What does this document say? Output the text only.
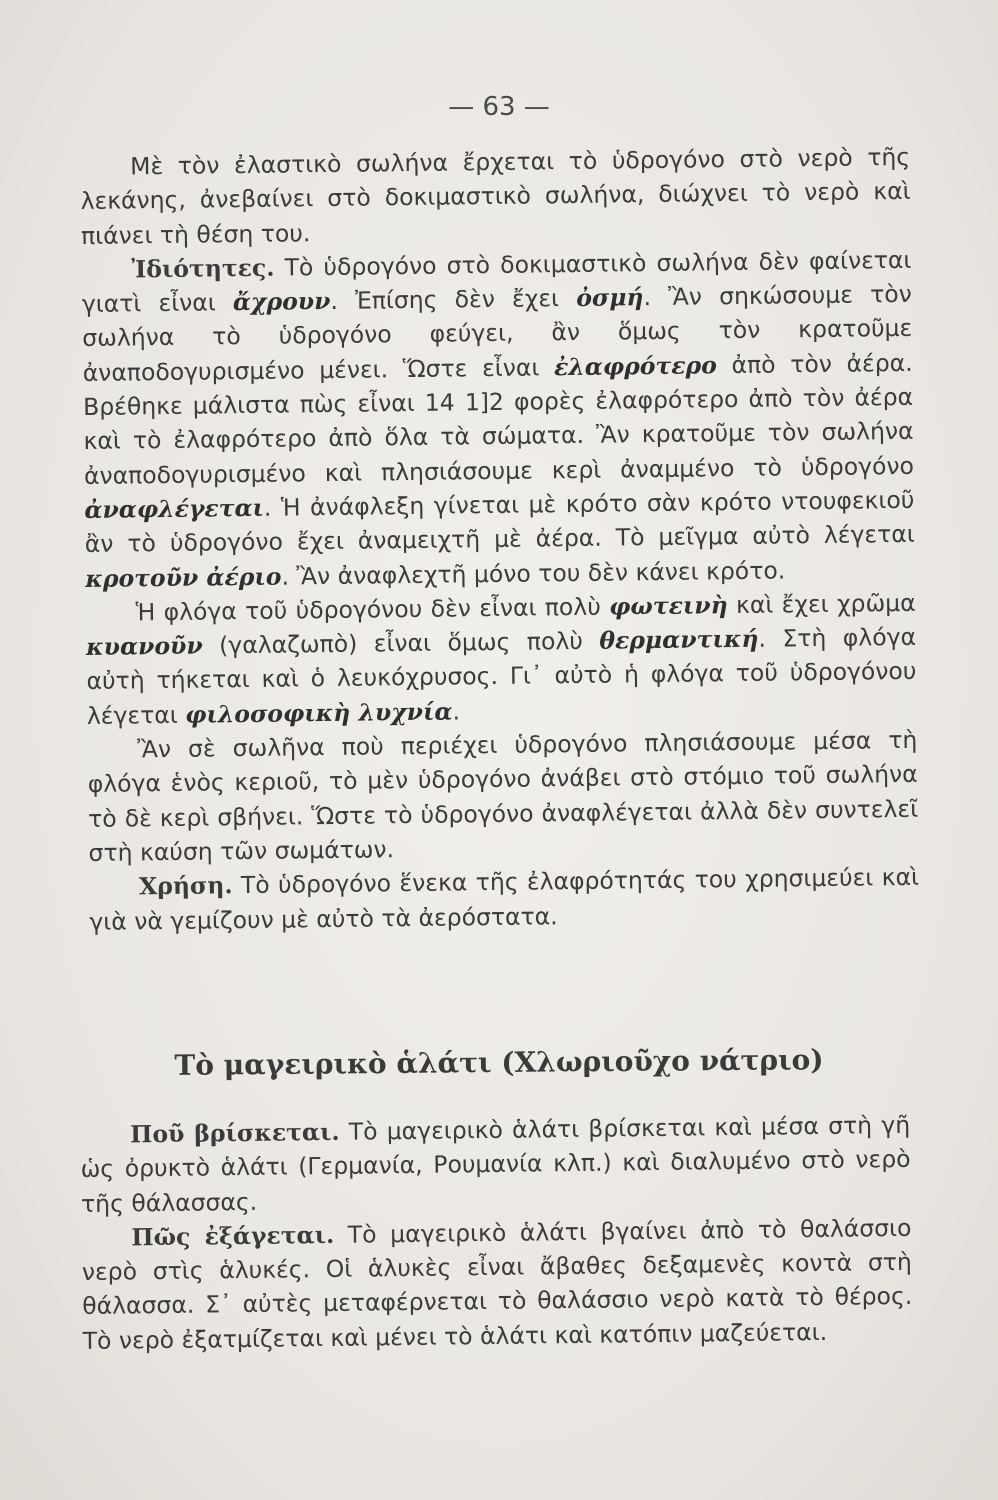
— 63 —

Μὲ τὸν ἐλαστικὸ σωλήνα ἔρχεται τὸ ὑδρογόνο στὸ νερὸ τῆς λεκάνης, ἀνεβαίνει στὸ δοκιμαστικὸ σωλήνα, διώχνει τὸ νερὸ καὶ πιάνει τὴ θέση του.

Ἰδιότητες. Τὸ ὑδρογόνο στὸ δοκιμαστικὸ σωλήνα δὲν φαίνεται γιατὶ εἶναι ἄχρουν. Ἐπίσης δὲν ἔχει ὀσμή. Ἂν σηκώσουμε τὸν σωλήνα τὸ ὑδρογόνο φεύγει, ἂν ὅμως τὸν κρατοῦμε ἀναποδογυρισμένο μένει. Ὥστε εἶναι ἐλαφρότερο ἀπὸ τὸν ἀέρα. Βρέθηκε μάλιστα πὼς εἶναι 14 1]2 φορὲς ἐλαφρότερο ἀπὸ τὸν ἀέρα καὶ τὸ ἐλαφρότερο ἀπὸ ὅλα τὰ σώματα. Ἂν κρατοῦμε τὸν σωλήνα ἀναποδογυρισμένο καὶ πλησιάσουμε κερὶ ἀναμμένο τὸ ὑδρογόνο ἀναφλέγεται. Ἡ ἀνάφλεξη γίνεται μὲ κρότο σὰν κρότο ντουφεκιοῦ ἂν τὸ ὑδρογόνο ἔχει ἀναμειχτῆ μὲ ἀέρα. Τὸ μεῖγμα αὐτὸ λέγεται κροτοῦν ἀέριο. Ἂν ἀναφλεχτῆ μόνο του δὲν κάνει κρότο.

Ἡ φλόγα τοῦ ὑδρογόνου δὲν εἶναι πολὺ φωτεινὴ καὶ ἔχει χρῶμα κυανοῦν (γαλαζωπὸ) εἶναι ὅμως πολὺ θερμαντική. Στὴ φλόγα αὐτὴ τήκεται καὶ ὁ λευκόχρυσος. Γι᾽ αὐτὸ ἡ φλόγα τοῦ ὑδρογόνου λέγεται φιλοσοφικὴ λυχνία.

Ἂν σὲ σωλῆνα ποὺ περιέχει ὑδρογόνο πλησιάσουμε μέσα τὴ φλόγα ἑνὸς κεριοῦ, τὸ μὲν ὑδρογόνο ἀνάβει στὸ στόμιο τοῦ σωλήνα τὸ δὲ κερὶ σβήνει. Ὥστε τὸ ὑδρογόνο ἀναφλέγεται ἀλλὰ δὲν συντελεῖ στὴ καύση τῶν σωμάτων.

Χρήση. Τὸ ὑδρογόνο ἕνεκα τῆς ἐλαφρότητάς του χρησιμεύει καὶ γιὰ νὰ γεμίζουν μὲ αὐτὸ τὰ ἀερόστατα.

Τὸ μαγειρικὸ ἁλάτι (Χλωριοῦχο νάτριο)

Ποῦ βρίσκεται. Τὸ μαγειρικὸ ἁλάτι βρίσκεται καὶ μέσα στὴ γῆ ὡς ὀρυκτὸ ἁλάτι (Γερμανία, Ρουμανία κλπ.) καὶ διαλυμένο στὸ νερὸ τῆς θάλασσας.

Πῶς ἐξάγεται. Τὸ μαγειρικὸ ἁλάτι βγαίνει ἀπὸ τὸ θαλάσσιο νερὸ στὶς ἁλυκές. Οἱ ἁλυκὲς εἶναι ἄβαθες δεξαμενὲς κοντὰ στὴ θάλασσα. Σ᾽ αὐτὲς μεταφέρνεται τὸ θαλάσσιο νερὸ κατὰ τὸ θέρος. Τὸ νερὸ ἐξατμίζεται καὶ μένει τὸ ἁλάτι καὶ κατόπιν μαζεύεται.
